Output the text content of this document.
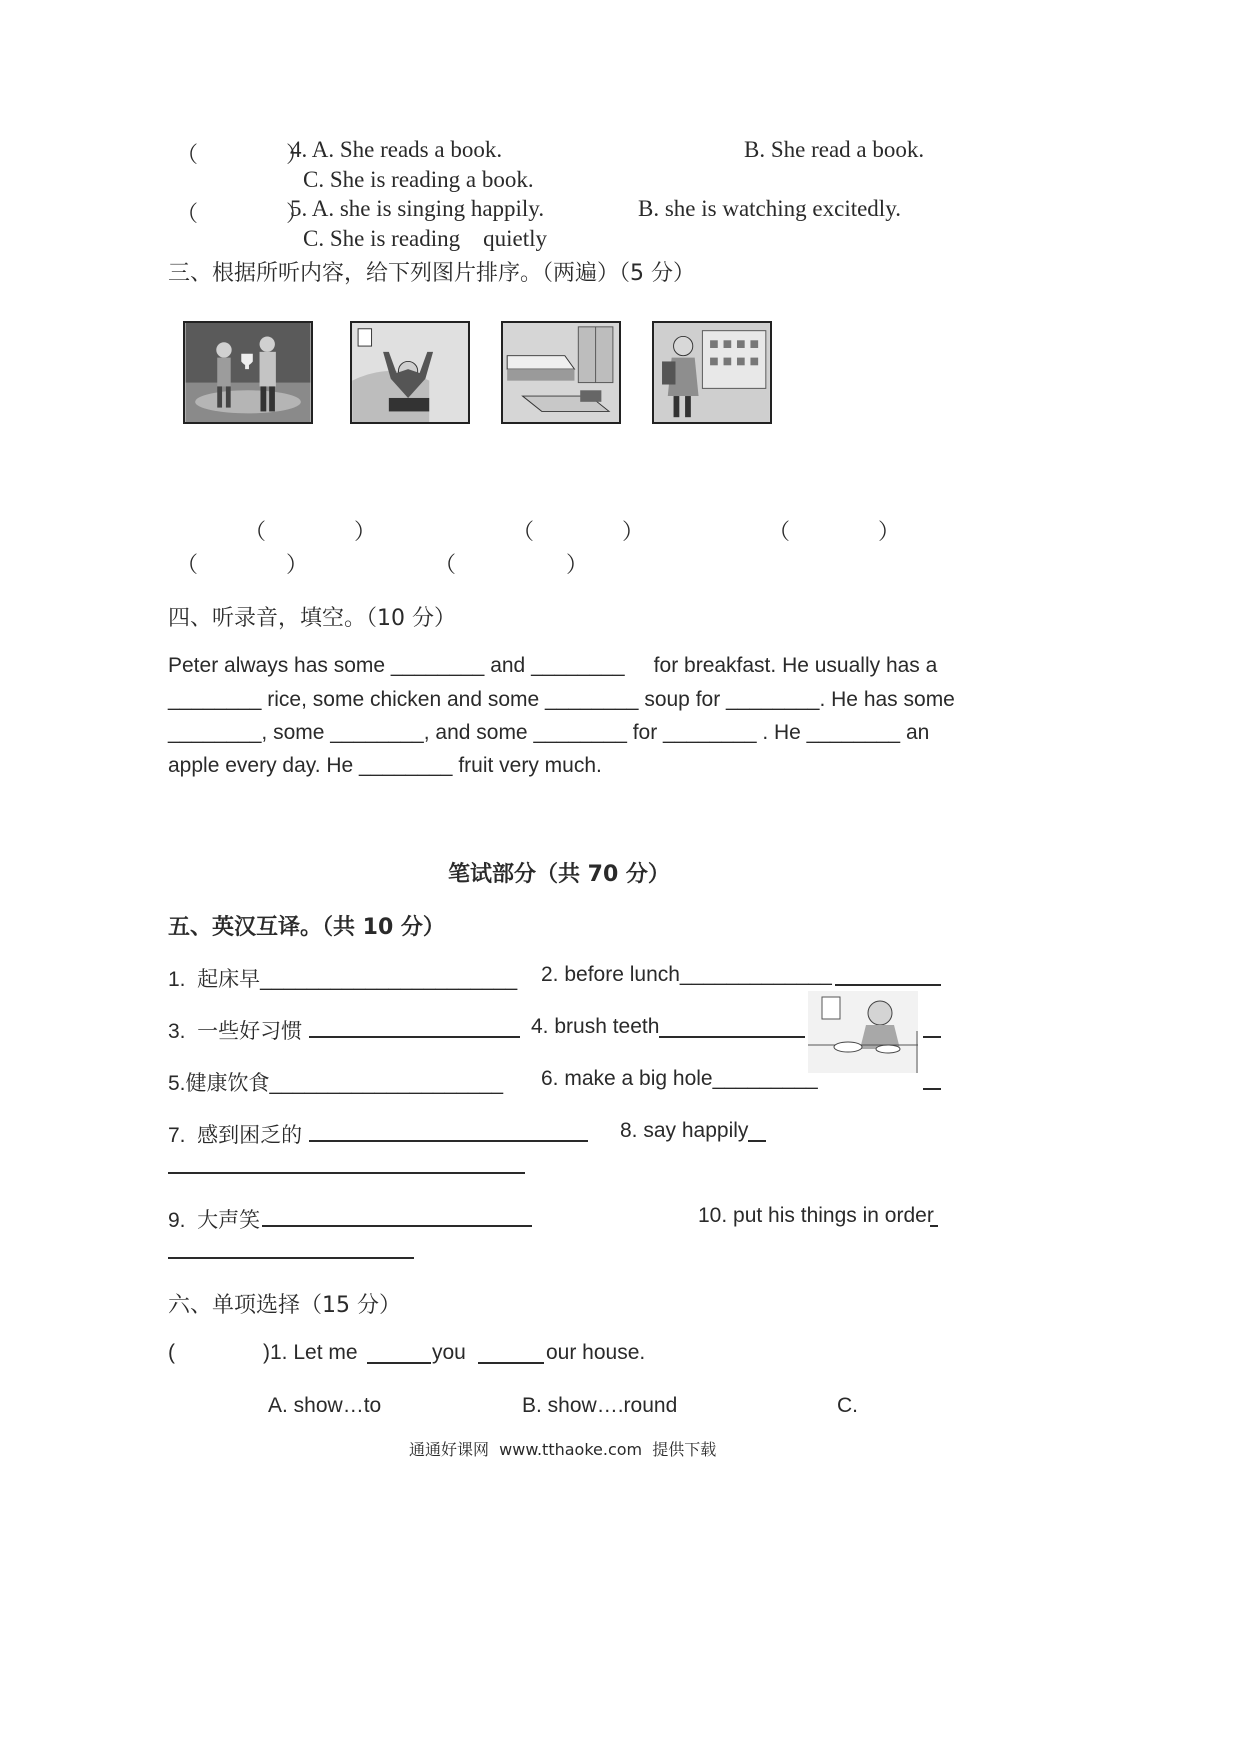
（　　　　）
4. A. She reads a book.	B. She read a book.
C. She is reading a book.
（　　　　）
5. A. she is singing happily.	B. she is watching excitedly.
C. She is reading    quietly
三、根据所听内容，给下列图片排序。（两遍）（5 分）
（　　　　）	（　　　　）	（　　　　）
（　　　　）	（　　　　　）
四、听录音，填空。（10 分）
Peter always has some ________ and ________     for breakfast. He usually has a
________ rice, some chicken and some ________ soup for ________. He has some
________, some ________, and some ________ for ________ . He ________ an
apple every day. He ________ fruit very much.
笔试部分（共 70 分）
五、英汉互译。（共 10 分）
1.  起床早______________________ 2. before lunch_____________
3.  一些好习惯	4. brush teeth
5.健康饮食____________________ 6. make a big hole_________
7.  感到困乏的	8. say happily
9.  大声笑	10. put his things in order
六、单项选择（15 分）
(	)1. Let me	you	our house.
A. show…to	B. show….round	C.
通通好课网  www.tthaoke.com  提供下载
